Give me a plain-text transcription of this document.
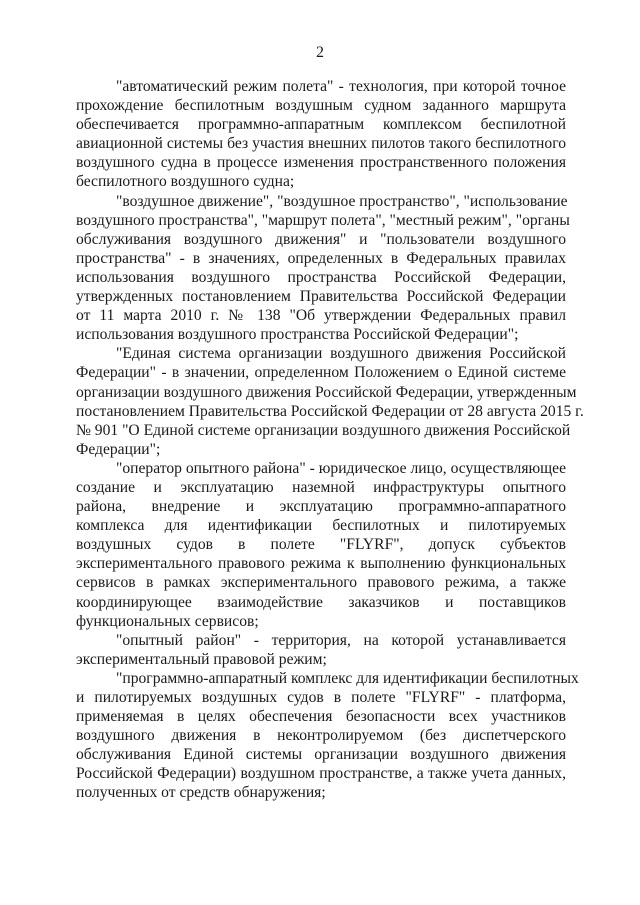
2

"автоматический режим полета" - технология, при которой точное
прохождение беспилотным воздушным судном заданного маршрута
обеспечивается программно-аппаратным комплексом беспилотной
авиационной системы без участия внешних пилотов такого беспилотного
воздушного судна в процессе изменения пространственного положения
беспилотного воздушного судна;

"воздушное движение", "воздушное пространство", "использование
воздушного пространства", "маршрут полета", "местный режим", "органы
обслуживания воздушного движения" и "пользователи воздушного
пространства" - в значениях, определенных в Федеральных правилах
использования воздушного пространства Российской Федерации,
утвержденных постановлением Правительства Российской Федерации
от 11 марта 2010 г. № 138 "Об утверждении Федеральных правил
использования воздушного пространства Российской Федерации";

"Единая система организации воздушного движения Российской
Федерации" - в значении, определенном Положением о Единой системе
организации воздушного движения Российской Федерации, утвержденным
постановлением Правительства Российской Федерации от 28 августа 2015 г.
№ 901 "О Единой системе организации воздушного движения Российской
Федерации";

"оператор опытного района" - юридическое лицо, осуществляющее
создание и эксплуатацию наземной инфраструктуры опытного
района, внедрение и эксплуатацию программно-аппаратного
комплекса для идентификации беспилотных и пилотируемых
воздушных судов в полете "FLYRF", допуск субъектов
экспериментального правового режима к выполнению функциональных
сервисов в рамках экспериментального правового режима, а также
координирующее взаимодействие заказчиков и поставщиков
функциональных сервисов;

"опытный район" - территория, на которой устанавливается
экспериментальный правовой режим;

"программно-аппаратный комплекс для идентификации беспилотных
и пилотируемых воздушных судов в полете "FLYRF" - платформа,
применяемая в целях обеспечения безопасности всех участников
воздушного движения в неконтролируемом (без диспетчерского
обслуживания Единой системы организации воздушного движения
Российской Федерации) воздушном пространстве, а также учета данных,
полученных от средств обнаружения;
